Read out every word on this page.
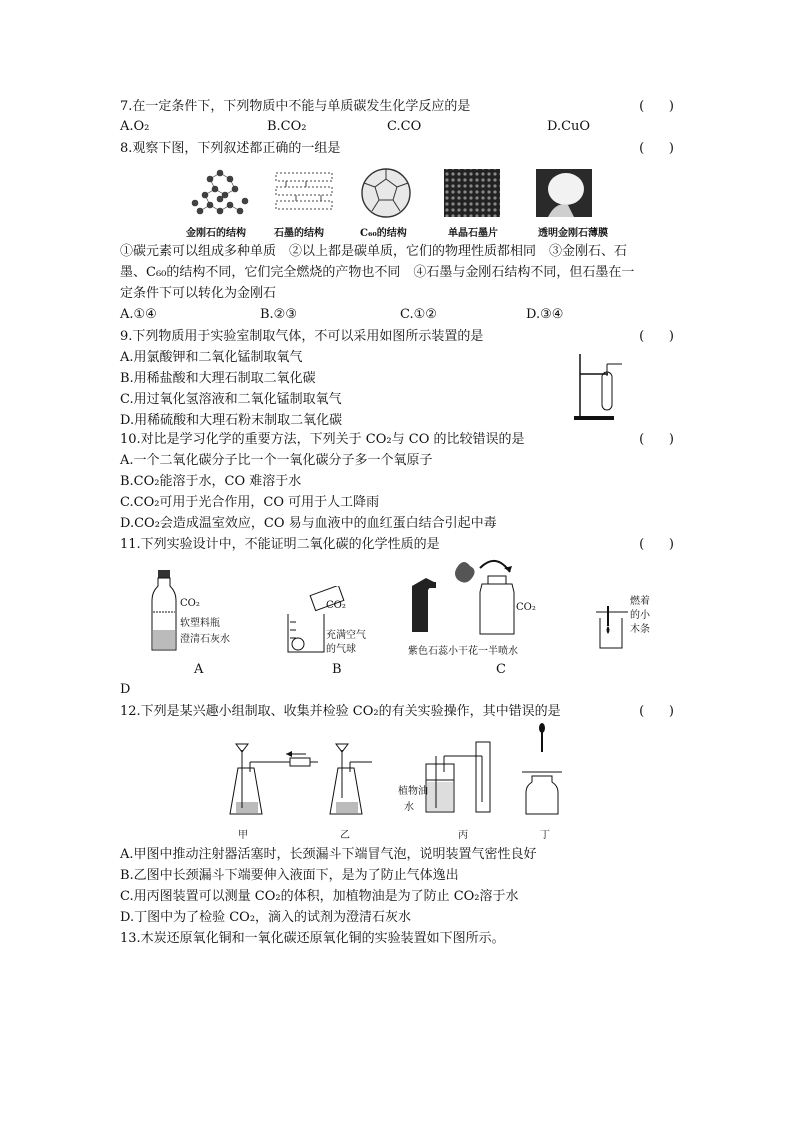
7.在一定条件下，下列物质中不能与单质碳发生化学反应的是	(      )
A.O₂	B.CO₂	C.CO	D.CuO
8.观察下图，下列叙述都正确的一组是	(      )
金刚石的结构	石墨的结构	C₆₀的结构	单晶石墨片	透明金刚石薄膜
①碳元素可以组成多种单质　②以上都是碳单质，它们的物理性质都相同　③金刚石、石
墨、C₆₀的结构不同，它们完全燃烧的产物也不同　④石墨与金刚石结构不同，但石墨在一
定条件下可以转化为金刚石
A.①④	B.②③	C.①②	D.③④
9.下列物质用于实验室制取气体，不可以采用如图所示装置的是	(      )
A.用氯酸钾和二氧化锰制取氧气
B.用稀盐酸和大理石制取二氧化碳
C.用过氧化氢溶液和二氧化锰制取氧气
D.用稀硫酸和大理石粉末制取二氧化碳
10.对比是学习化学的重要方法，下列关于 CO₂与 CO 的比较错误的是	(      )
A.一个二氧化碳分子比一个一氧化碳分子多一个氧原子
B.CO₂能溶于水，CO 难溶于水
C.CO₂可用于光合作用，CO 可用于人工降雨
D.CO₂会造成温室效应，CO 易与血液中的血红蛋白结合引起中毒
11.下列实验设计中，不能证明二氧化碳的化学性质的是	(      )
CO₂
软塑料瓶
澄清石灰水
A
CO₂
充满空气
的气球
B
CO₂
紫色石蕊小干花一半喷水
C
燃着
的小
木条
D
12.下列是某兴趣小组制取、收集并检验 CO₂的有关实验操作，其中错误的是	(      )
植物油
水
甲	乙	丙	丁
A.甲图中推动注射器活塞时，长颈漏斗下端冒气泡，说明装置气密性良好
B.乙图中长颈漏斗下端要伸入液面下，是为了防止气体逸出
C.用丙图装置可以测量 CO₂的体积，加植物油是为了防止 CO₂溶于水
D.丁图中为了检验 CO₂，滴入的试剂为澄清石灰水
13.木炭还原氧化铜和一氧化碳还原氧化铜的实验装置如下图所示。
